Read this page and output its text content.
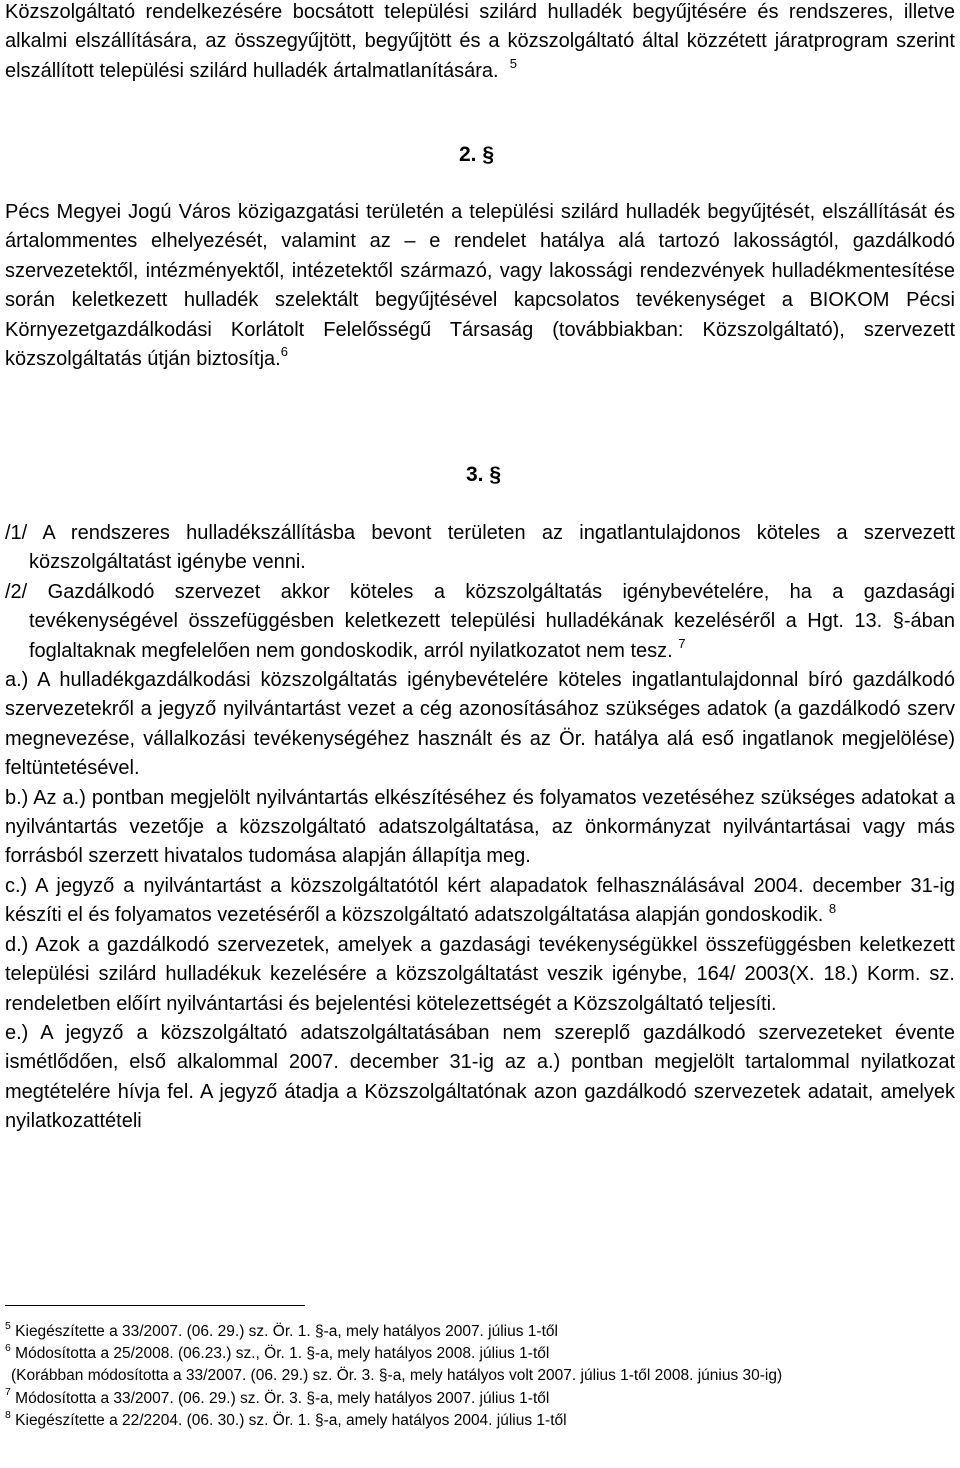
Közszolgáltató rendelkezésére bocsátott települési szilárd hulladék begyűjtésére és rendszeres, illetve alkalmi elszállítására, az összegyűjtött, begyűjtött és a közszolgáltató által közzétett járatprogram szerint elszállított települési szilárd hulladék ártalmatlanítására. $^5$

2. §

Pécs Megyei Jogú Város közigazgatási területén a települési szilárd hulladék begyűjtését, elszállítását és ártalommentes elhelyezését, valamint az – e rendelet hatálya alá tartozó lakosságtól, gazdálkodó szervezetektől, intézményektől, intézetektől származó, vagy lakossági rendezvények hulladékmentesítése során keletkezett hulladék szelektált begyűjtésével kapcsolatos tevékenységet a BIOKOM Pécsi Környezetgazdálkodási Korlátolt Felelősségű Társaság (továbbiakban: Közszolgáltató), szervezett közszolgáltatás útján biztosítja.$^6$

3. §

/1/ A rendszeres hulladékszállításba bevont területen az ingatlantulajdonos köteles a szervezett közszolgáltatást igénybe venni.

/2/ Gazdálkodó szervezet akkor köteles a közszolgáltatás igénybevételére, ha a gazdasági tevékenységével összefüggésben keletkezett települési hulladékának kezeléséről a Hgt. 13. §-ában foglaltaknak megfelelően nem gondoskodik, arról nyilatkozatot nem tesz. $^7$

a.) A hulladékgazdálkodási közszolgáltatás igénybevételére köteles ingatlantulajdonnal bíró gazdálkodó szervezetekről a jegyző nyilvántartást vezet a cég azonosításához szükséges adatok (a gazdálkodó szerv megnevezése, vállalkozási tevékenységéhez használt és az Ör. hatálya alá eső ingatlanok megjelölése) feltüntetésével.

b.) Az a.) pontban megjelölt nyilvántartás elkészítéséhez és folyamatos vezetéséhez szükséges adatokat a nyilvántartás vezetője a közszolgáltató adatszolgáltatása, az önkormányzat nyilvántartásai vagy más forrásból szerzett hivatalos tudomása alapján állapítja meg.

c.) A jegyző a nyilvántartást a közszolgáltatótól kért alapadatok felhasználásával 2004. december 31-ig készíti el és folyamatos vezetéséről a közszolgáltató adatszolgáltatása alapján gondoskodik. $^8$

d.) Azok a gazdálkodó szervezetek, amelyek a gazdasági tevékenységükkel összefüggésben keletkezett települési szilárd hulladékuk kezelésére a közszolgáltatást veszik igénybe, 164/ 2003(X. 18.) Korm. sz. rendeletben előírt nyilvántartási és bejelentési kötelezettségét a Közszolgáltató teljesíti.

e.) A jegyző a közszolgáltató adatszolgáltatásában nem szereplő gazdálkodó szervezeteket évente ismétlődően, első alkalommal 2007. december 31-ig az a.) pontban megjelölt tartalommal nyilatkozat megtételére hívja fel. A jegyző átadja a Közszolgáltatónak azon gazdálkodó szervezetek adatait, amelyek nyilatkozattételi

$^5$ Kiegészítette a 33/2007. (06. 29.) sz. Ör. 1. §-a, mely hatályos 2007. július 1-től

$^6$ Módosította a 25/2008. (06.23.) sz., Ör. 1. §-a, mely hatályos 2008. július 1-től

(Korábban módosította a 33/2007. (06. 29.) sz. Ör. 3. §-a, mely hatályos volt 2007. július 1-től 2008. június 30-ig)

$^7$ Módosította a 33/2007. (06. 29.) sz. Ör. 3. §-a, mely hatályos 2007. július 1-től

$^8$ Kiegészítette a 22/2204. (06. 30.) sz. Ör. 1. §-a, amely hatályos 2004. július 1-től
